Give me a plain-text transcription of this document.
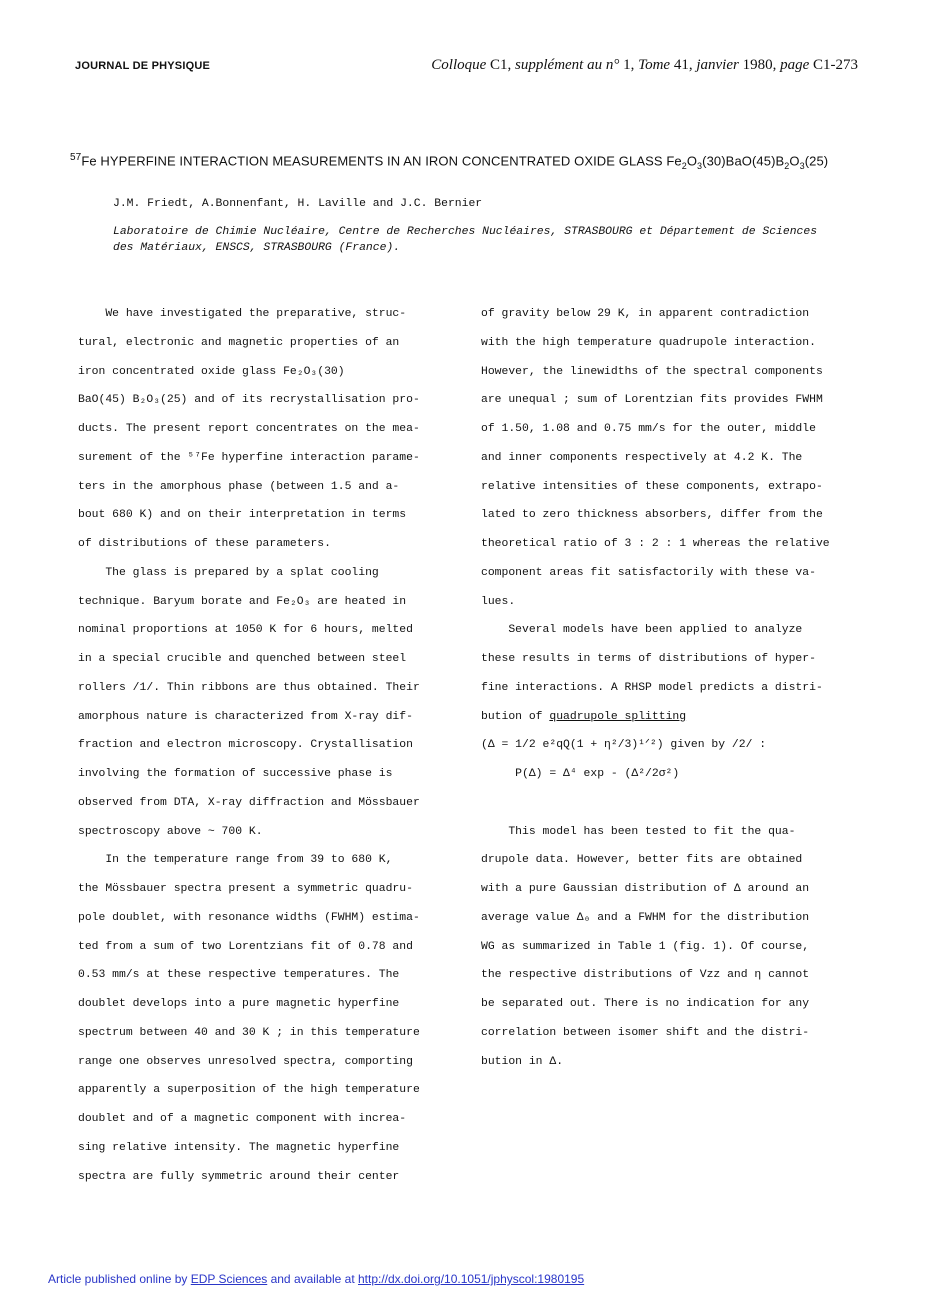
JOURNAL DE PHYSIQUE	Colloque C1, supplément au n° 1, Tome 41, janvier 1980, page C1-273
$^{57}$Fe HYPERFINE INTERACTION MEASUREMENTS IN AN IRON CONCENTRATED OXIDE GLASS $Fe_2O_3(30)BaO(45)B_2O_3(25)$
J.M. Friedt, A.Bonnenfant, H. Laville and J.C. Bernier
Laboratoire de Chimie Nucléaire, Centre de Recherches Nucléaires, STRASBOURG et Département de Sciences des Matériaux, ENSCS, STRASBOURG (France).
We have investigated the preparative, struc-
tural, electronic and magnetic properties of an
iron concentrated oxide glass Fe₂O₃(30)
BaO(45) B₂O₃(25) and of its recrystallisation pro-
ducts. The present report concentrates on the mea-
surement of the ⁵⁷Fe hyperfine interaction parame-
ters in the amorphous phase (between 1.5 and a-
bout 680 K) and on their interpretation in terms
of distributions of these parameters.
The glass is prepared by a splat cooling
technique. Baryum borate and Fe₂O₃ are heated in
nominal proportions at 1050 K for 6 hours, melted
in a special crucible and quenched between steel
rollers /1/. Thin ribbons are thus obtained. Their
amorphous nature is characterized from X-ray dif-
fraction and electron microscopy. Crystallisation
involving the formation of successive phase is
observed from DTA, X-ray diffraction and Mössbauer
spectroscopy above ~ 700 K.
In the temperature range from 39 to 680 K,
the Mössbauer spectra present a symmetric quadru-
pole doublet, with resonance widths (FWHM) estima-
ted from a sum of two Lorentzians fit of 0.78 and
0.53 mm/s at these respective temperatures. The
doublet develops into a pure magnetic hyperfine
spectrum between 40 and 30 K ; in this temperature
range one observes unresolved spectra, comporting
apparently a superposition of the high temperature
doublet and of a magnetic component with increa-
sing relative intensity. The magnetic hyperfine
spectra are fully symmetric around their center
of gravity below 29 K, in apparent contradiction
with the high temperature quadrupole interaction.
However, the linewidths of the spectral components
are unequal ; sum of Lorentzian fits provides FWHM
of 1.50, 1.08 and 0.75 mm/s for the outer, middle
and inner components respectively at 4.2 K. The
relative intensities of these components, extrapo-
lated to zero thickness absorbers, differ from the
theoretical ratio of 3 : 2 : 1 whereas the relative
component areas fit satisfactorily with these va-
lues.
Several models have been applied to analyze
these results in terms of distributions of hyper-
fine interactions. A RHSP model predicts a distri-
bution of quadrupole splitting
(Δ = 1/2 e²qQ(1 + η²/3)¹ᐟ²) given by /2/ :
P(Δ) = Δ⁴ exp - (Δ²/2σ²)
This model has been tested to fit the qua-
drupole data. However, better fits are obtained
with a pure Gaussian distribution of Δ around an
average value Δ₀ and a FWHM for the distribution
WG as summarized in Table 1 (fig. 1). Of course,
the respective distributions of Vzz and η cannot
be separated out. There is no indication for any
correlation between isomer shift and the distri-
bution in Δ.
Article published online by EDP Sciences and available at http://dx.doi.org/10.1051/jphyscol:1980195
